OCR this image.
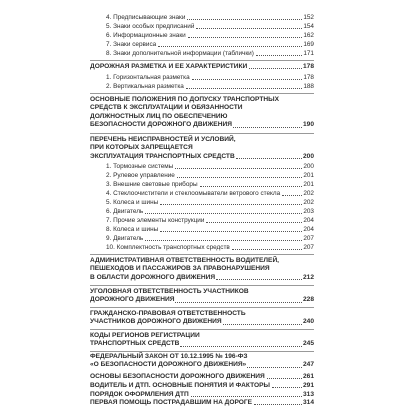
4. Предписывающие знаки	152
5. Знаки особых предписаний	154
6. Информационные знаки	162
7. Знаки сервиса	169
8. Знаки дополнительной информации (таблички)	171
ДОРОЖНАЯ РАЗМЕТКА И ЕЕ ХАРАКТЕРИСТИКИ	178
1. Горизонтальная разметка	178
2. Вертикальная разметка	188
ОСНОВНЫЕ ПОЛОЖЕНИЯ ПО ДОПУСКУ ТРАНСПОРТНЫХ
СРЕДСТВ К ЭКСПЛУАТАЦИИ И ОБЯЗАННОСТИ
ДОЛЖНОСТНЫХ ЛИЦ ПО ОБЕСПЕЧЕНИЮ
БЕЗОПАСНОСТИ ДОРОЖНОГО ДВИЖЕНИЯ	190
ПЕРЕЧЕНЬ НЕИСПРАВНОСТЕЙ И УСЛОВИЙ,
ПРИ КОТОРЫХ ЗАПРЕЩАЕТСЯ
ЭКСПЛУАТАЦИЯ ТРАНСПОРТНЫХ СРЕДСТВ	200
1. Тормозные системы	200
2. Рулевое управление	201
3. Внешние световые приборы	201
4. Стеклоочистители и стеклоомыватели ветрового стекла	202
5. Колеса и шины	202
6. Двигатель	203
7. Прочие элементы конструкции	204
8. Колеса и шины	204
9. Двигатель	207
10. Комплектность транспортных средств	207
АДМИНИСТРАТИВНАЯ ОТВЕТСТВЕННОСТЬ ВОДИТЕЛЕЙ,
ПЕШЕХОДОВ И ПАССАЖИРОВ ЗА ПРАВОНАРУШЕНИЯ
В ОБЛАСТИ ДОРОЖНОГО ДВИЖЕНИЯ	212
УГОЛОВНАЯ ОТВЕТСТВЕННОСТЬ УЧАСТНИКОВ
ДОРОЖНОГО ДВИЖЕНИЯ	228
ГРАЖДАНСКО-ПРАВОВАЯ ОТВЕТСТВЕННОСТЬ
УЧАСТНИКОВ ДОРОЖНОГО ДВИЖЕНИЯ	240
КОДЫ РЕГИОНОВ РЕГИСТРАЦИИ
ТРАНСПОРТНЫХ СРЕДСТВ	245
ФЕДЕРАЛЬНЫЙ ЗАКОН ОТ 10.12.1995 № 196-ФЗ
«О БЕЗОПАСНОСТИ ДОРОЖНОГО ДВИЖЕНИЯ»	247
ОСНОВЫ БЕЗОПАСНОСТИ ДОРОЖНОГО ДВИЖЕНИЯ	261
ВОДИТЕЛЬ И ДТП. ОСНОВНЫЕ ПОНЯТИЯ И ФАКТОРЫ	291
ПОРЯДОК ОФОРМЛЕНИЯ ДТП	313
ПЕРВАЯ ПОМОЩЬ ПОСТРАДАВШИМ НА ДОРОГЕ	314
